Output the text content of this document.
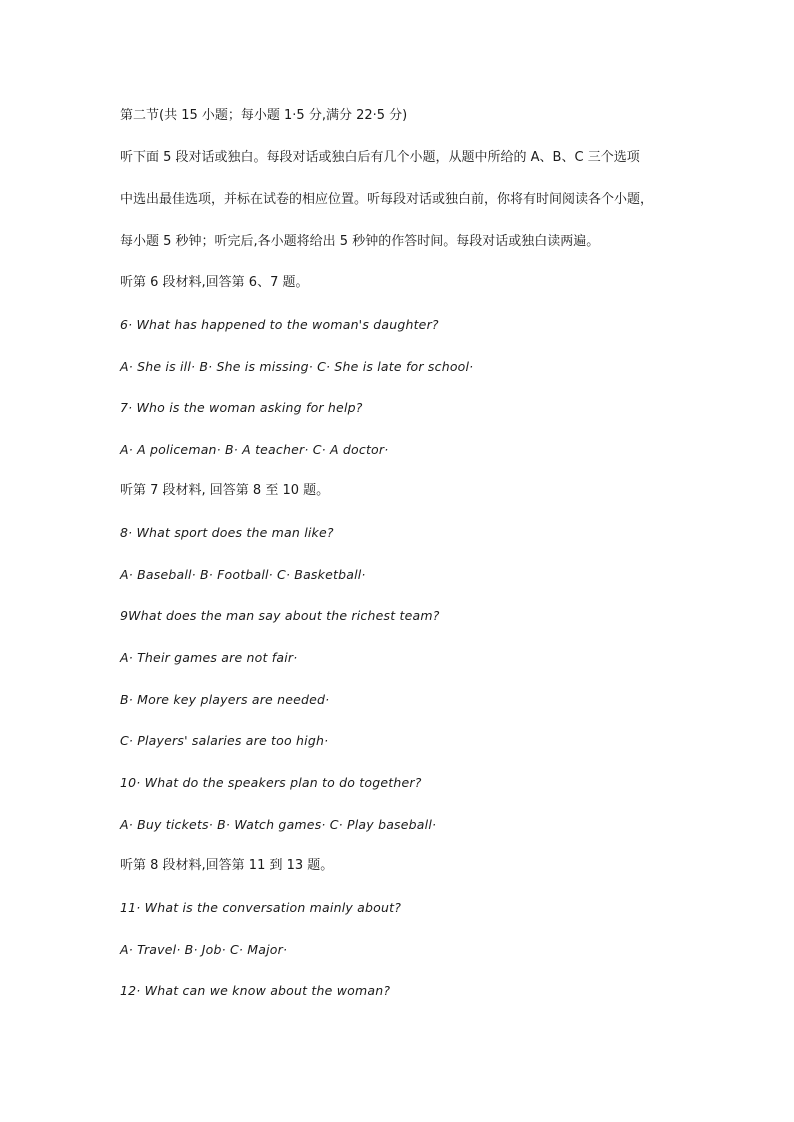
第二节(共 15 小题；每小题 1·5 分,满分 22·5 分)
听下面 5 段对话或独白。每段对话或独白后有几个小题，从题中所给的 A、B、C 三个选项
中选出最佳选项，并标在试卷的相应位置。听每段对话或独白前，你将有时间阅读各个小题，
每小题 5 秒钟；听完后,各小题将给出 5 秒钟的作答时间。每段对话或独白读两遍。
听第 6 段材料,回答第 6、7 题。
6· What has happened to the woman's daughter?
A· She is ill· B· She is missing· C· She is late for school·
7· Who is the woman asking for help?
A· A policeman· B· A teacher· C· A doctor·
听第 7 段材料, 回答第 8 至 10 题。
8· What sport does the man like?
A· Baseball· B· Football· C· Basketball·
9What does the man say about the richest team?
A· Their games are not fair·
B· More key players are needed·
C· Players' salaries are too high·
10· What do the speakers plan to do together?
A· Buy tickets· B· Watch games· C· Play baseball·
听第 8 段材料,回答第 11 到 13 题。
11· What is the conversation mainly about?
A· Travel· B· Job· C· Major·
12· What can we know about the woman?
